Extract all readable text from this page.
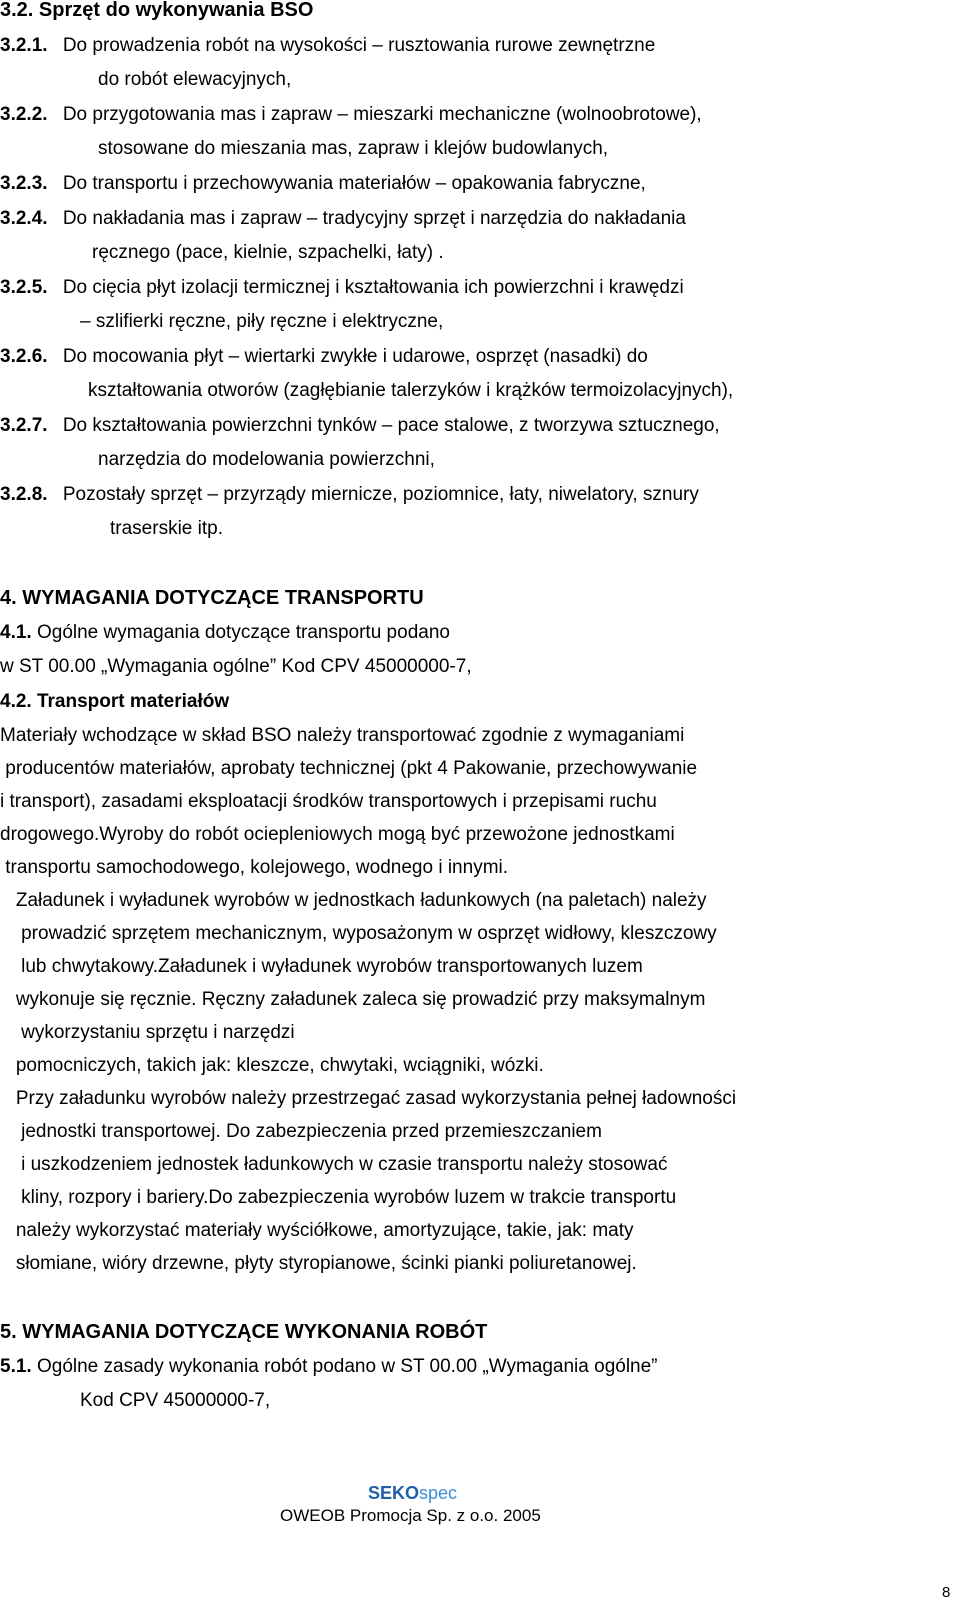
3.2. Sprzęt do wykonywania BSO
3.2.1. Do prowadzenia robót na wysokości – rusztowania rurowe zewnętrzne
do robót elewacyjnych,
3.2.2. Do przygotowania mas i zapraw – mieszarki mechaniczne (wolnoobrotowe),
stosowane do mieszania mas, zapraw i klejów budowlanych,
3.2.3. Do transportu i przechowywania materiałów – opakowania fabryczne,
3.2.4. Do nakładania mas i zapraw – tradycyjny sprzęt i narzędzia do nakładania
ręcznego (pace, kielnie, szpachelki, łaty) .
3.2.5. Do cięcia płyt izolacji termicznej i kształtowania ich powierzchni i krawędzi
– szlifierki ręczne, piły ręczne i elektryczne,
3.2.6. Do mocowania płyt – wiertarki zwykłe i udarowe, osprzęt (nasadki) do
kształtowania otworów (zagłębianie talerzyków i krążków termoizolacyjnych),
3.2.7. Do kształtowania powierzchni tynków – pace stalowe, z tworzywa sztucznego,
narzędzia do modelowania powierzchni,
3.2.8. Pozostały sprzęt – przyrządy miernicze, poziomnice, łaty, niwelatory, sznury
traserskie itp.
4. WYMAGANIA DOTYCZĄCE TRANSPORTU
4.1. Ogólne wymagania dotyczące transportu podano
w ST 00.00 „Wymagania ogólne” Kod CPV 45000000-7,
4.2. Transport materiałów
Materiały wchodzące w skład BSO należy transportować zgodnie z wymaganiami
producentów materiałów, aprobaty technicznej (pkt 4 Pakowanie, przechowywanie
i transport), zasadami eksploatacji środków transportowych i przepisami ruchu
drogowego.Wyroby do robót ociepleniowych mogą być przewożone jednostkami
transportu samochodowego, kolejowego, wodnego i innymi.
Załadunek i wyładunek wyrobów w jednostkach ładunkowych (na paletach) należy
prowadzić sprzętem mechanicznym, wyposażonym w osprzęt widłowy, kleszczowy
lub chwytakowy.Załadunek i wyładunek wyrobów transportowanych luzem
wykonuje się ręcznie. Ręczny załadunek zaleca się prowadzić przy maksymalnym
wykorzystaniu sprzętu i narzędzi
pomocniczych, takich jak: kleszcze, chwytaki, wciągniki, wózki.
Przy załadunku wyrobów należy przestrzegać zasad wykorzystania pełnej ładowności
jednostki transportowej. Do zabezpieczenia przed przemieszczaniem
i uszkodzeniem jednostek ładunkowych w czasie transportu należy stosować
kliny, rozpory i bariery.Do zabezpieczenia wyrobów luzem w trakcie transportu
należy wykorzystać materiały wyściółkowe, amortyzujące, takie, jak: maty
słomiane, wióry drzewne, płyty styropianowe, ścinki pianki poliuretanowej.
5. WYMAGANIA DOTYCZĄCE WYKONANIA ROBÓT
5.1. Ogólne zasady wykonania robót podano w ST 00.00 „Wymagania ogólne”
Kod CPV 45000000-7,
SEKOspec
OWEOB Promocja Sp. z o.o. 2005
8
